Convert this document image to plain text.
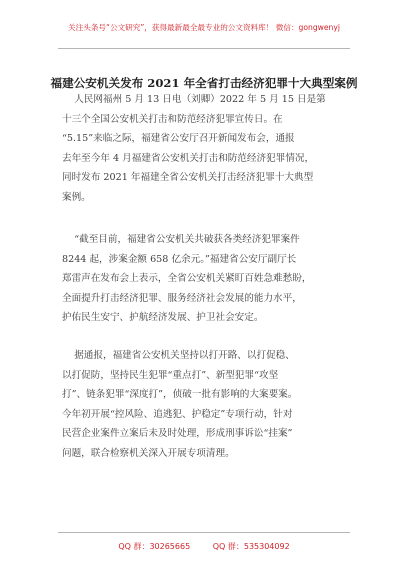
关注头条号“公文研究”，获得最新最全最专业的公文资料库！ 微信：gongwenyj
福建公安机关发布 2021 年全省打击经济犯罪十大典型案例
人民网福州 5 月 13 日电（刘卿）2022 年 5 月 15 日是第
十三个全国公安机关打击和防范经济犯罪宣传日。在
“5.15”来临之际，福建省公安厅召开新闻发布会，通报
去年至今年 4 月福建省公安机关打击和防范经济犯罪情况，
同时发布 2021 年福建全省公安机关打击经济犯罪十大典型
案例。
“截至目前，福建省公安机关共破获各类经济犯罪案件
8244 起，涉案金额 658 亿余元。”福建省公安厅副厅长
郑雷声在发布会上表示，全省公安机关紧盯百姓急难愁盼，
全面提升打击经济犯罪、服务经济社会发展的能力水平，
护佑民生安宁、护航经济发展、护卫社会安定。
据通报，福建省公安机关坚持以打开路、以打促稳、
以打促防，坚持民生犯罪“重点打”、新型犯罪“攻坚
打”、链条犯罪“深度打”，侦破一批有影响的大案要案。
今年初开展“控风险、追逃犯、护稳定”专项行动，针对
民营企业案件立案后未及时处理，形成刑事诉讼“挂案”
问题，联合检察机关深入开展专项清理。
QQ 群：30265665	QQ 群：535304092
